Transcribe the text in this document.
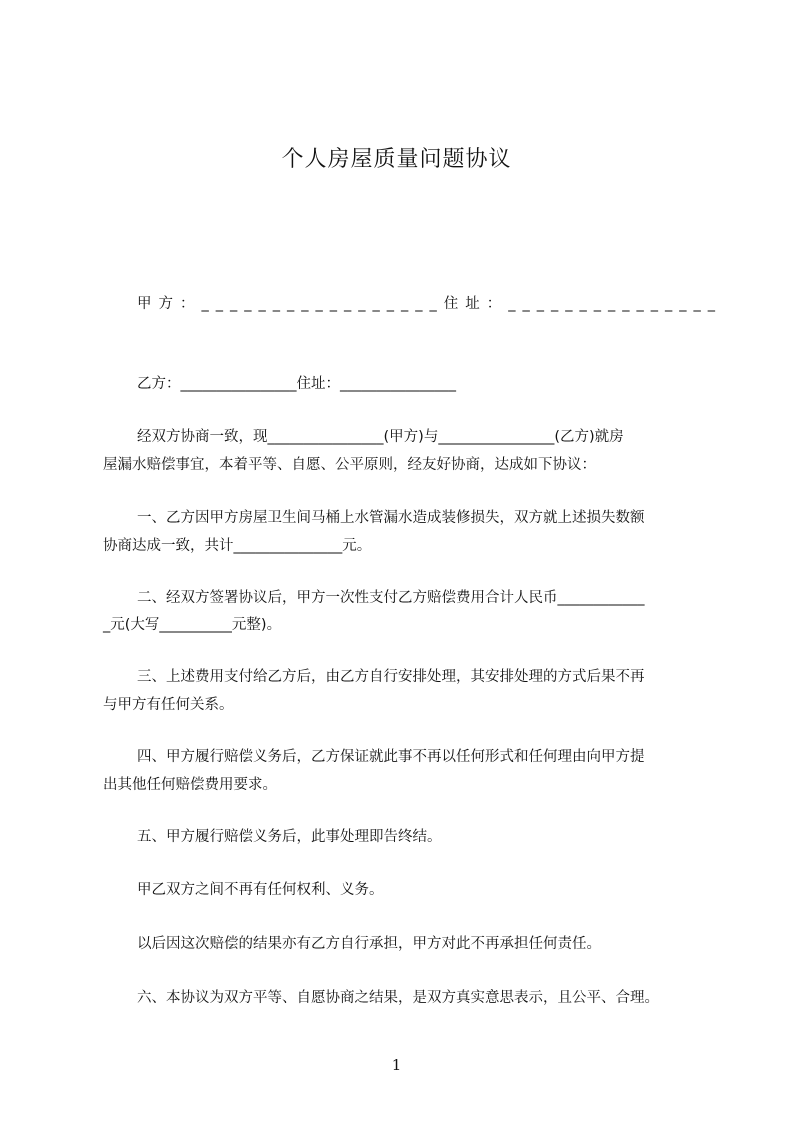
个人房屋质量问题协议
甲方：_________________住址：_______________
乙方：________________住址：________________
经双方协商一致，现________________(甲方)与________________(乙方)就房
屋漏水赔偿事宜，本着平等、自愿、公平原则，经友好协商，达成如下协议：
一、乙方因甲方房屋卫生间马桶上水管漏水造成装修损失，双方就上述损失数额
协商达成一致，共计_______________元。
二、经双方签署协议后，甲方一次性支付乙方赔偿费用合计人民币____________
_元(大写__________元整)。
三、上述费用支付给乙方后，由乙方自行安排处理，其安排处理的方式后果不再
与甲方有任何关系。
四、甲方履行赔偿义务后，乙方保证就此事不再以任何形式和任何理由向甲方提
出其他任何赔偿费用要求。
五、甲方履行赔偿义务后，此事处理即告终结。
甲乙双方之间不再有任何权利、义务。
以后因这次赔偿的结果亦有乙方自行承担，甲方对此不再承担任何责任。
六、本协议为双方平等、自愿协商之结果，是双方真实意思表示，且公平、合理。
1
